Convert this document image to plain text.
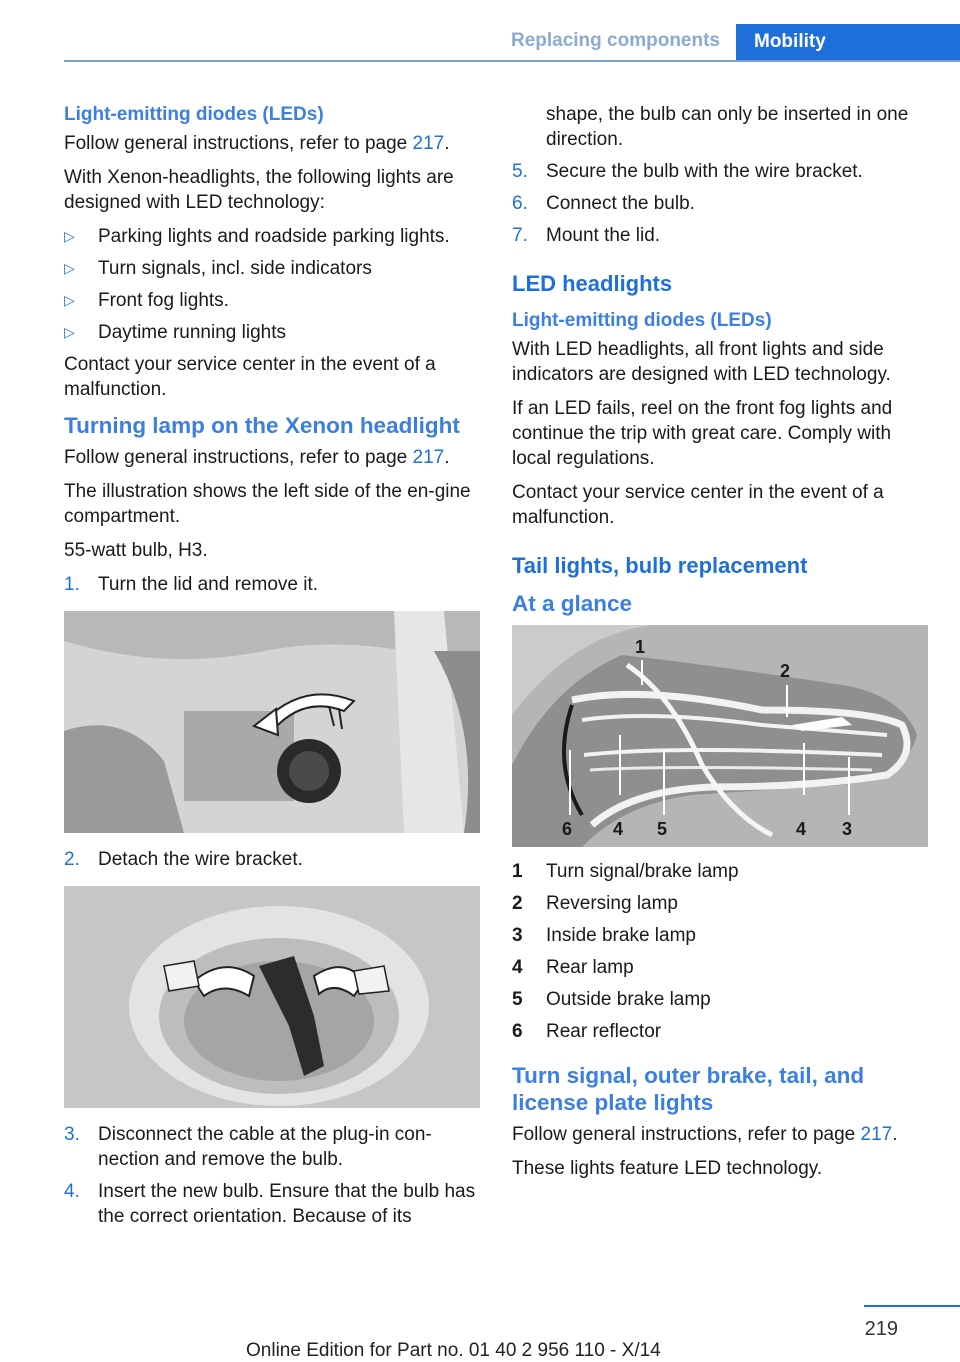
Replacing components	Mobility
Light-emitting diodes (LEDs)

Follow general instructions, refer to page 217.

With Xenon-headlights, the following lights are designed with LED technology:

▷ Parking lights and roadside parking lights.
▷ Turn signals, incl. side indicators
▷ Front fog lights.
▷ Daytime running lights

Contact your service center in the event of a malfunction.

Turning lamp on the Xenon headlight

Follow general instructions, refer to page 217.

The illustration shows the left side of the en-gine compartment.

55-watt bulb, H3.

1. Turn the lid and remove it.
2. Detach the wire bracket.
3. Disconnect the cable at the plug-in con-nection and remove the bulb.
4. Insert the new bulb. Ensure that the bulb has the correct orientation. Because of its
shape, the bulb can only be inserted in one direction.
5. Secure the bulb with the wire bracket.
6. Connect the bulb.
7. Mount the lid.
LED headlights
Light-emitting diodes (LEDs)

With LED headlights, all front lights and side indicators are designed with LED technology.

If an LED fails, reel on the front fog lights and continue the trip with great care. Comply with local regulations.

Contact your service center in the event of a malfunction.

Tail lights, bulb replacement
At a glance
1
2
6 4 5	4 3
1 Turn signal/brake lamp
2 Reversing lamp
3 Inside brake lamp
4 Rear lamp
5 Outside brake lamp
6 Rear reflector
Turn signal, outer brake, tail, and license plate lights

Follow general instructions, refer to page 217.

These lights feature LED technology.

219
Online Edition for Part no. 01 40 2 956 110 - X/14
